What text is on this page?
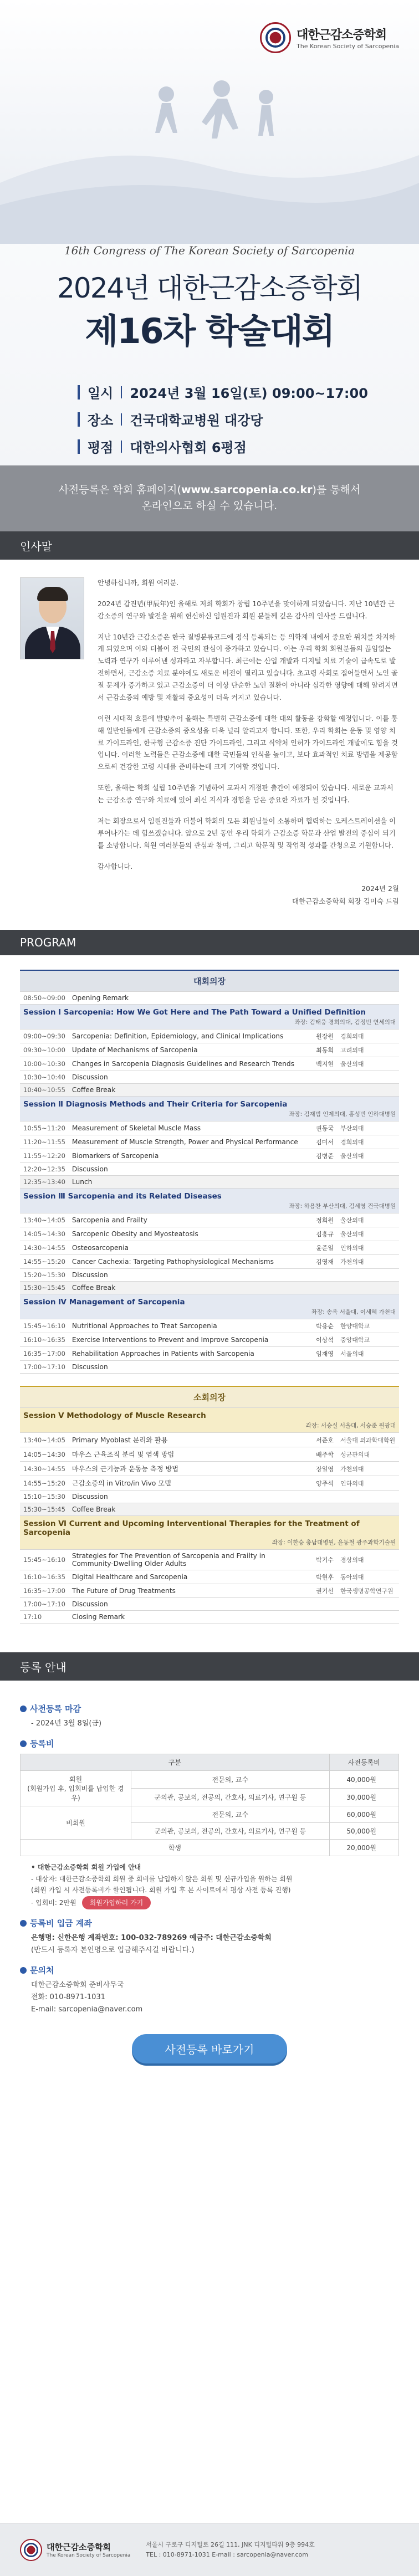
대한근감소증학회
The Korean Society of Sarcopenia
16th Congress of The Korean Society of Sarcopenia
2024년 대한근감소증학회
제16차 학술대회
일시 2024년 3월 16일(토) 09:00~17:00
장소 건국대학교병원 대강당
평점 대한의사협회 6평점
사전등록은 학회 홈페이지(www.sarcopenia.co.kr)를 통해서
온라인으로 하실 수 있습니다.
인사말

안녕하십니까, 회원 여러분.

2024년 갑진년(甲辰年)인 올해로 저희 학회가 창립 10주년을 맞이하게 되었습니다. 지난 10년간 근감소증의 연구와 발전을 위해 헌신하신 임원진과 회원 분들께 깊은 감사의 인사를 드립니다.

지난 10년간 근감소증은 한국 질병분류코드에 정식 등록되는 등 의학계 내에서 중요한 위치를 차지하게 되었으며 이와 더불어 전 국민의 관심이 증가하고 있습니다. 이는 우리 학회 회원분들의 끊임없는 노력과 연구가 이루어낸 성과라고 자부합니다. 최근에는 산업 개발과 디지털 치료 기술이 급속도로 발전하면서, 근감소증 치료 분야에도 새로운 비전이 열리고 있습니다. 초고령 사회로 접어들면서 노인 골절 문제가 증가하고 있고 근감소증이 더 이상 단순한 노인 질환이 아니라 심각한 영향에 대해 알려지면서 근감소증의 예방 및 재활의 중요성이 더욱 커지고 있습니다.

이런 시대적 흐름에 발맞추어 올해는 특별히 근감소증에 대한 대의 활동을 강화할 예정입니다. 이를 통해 일반인들에게 근감소증의 중요성을 더욱 널리 알리고자 합니다. 또한, 우리 학회는 운동 및 영양 치료 가이드라인, 한국형 근감소증 진단 가이드라인, 그리고 식약처 인허가 가이드라인 개발에도 힘을 것입니다. 이러한 노력들은 근감소증에 대한 국민들의 인식을 높이고, 보다 효과적인 치료 방법을 제공함으로써 건강한 고령 시대를 준비하는데 크게 기여할 것입니다.

또한, 올해는 학회 설립 10주년을 기념하여 교과서 개정판 출간이 예정되어 있습니다. 새로운 교과서는 근감소증 연구와 치료에 있어 최신 지식과 경험을 담은 중요한 자료가 될 것입니다.

저는 회장으로서 임원진들과 더불어 학회의 모든 회원님들이 소통하며 협력하는 오케스트레이션을 이루어나가는 데 힘쓰겠습니다. 앞으로 2년 동안 우리 학회가 근감소증 학문과 산업 발전의 중심이 되기를 소망합니다. 회원 여러분들의 관심과 참여, 그리고 학문적 및 작업적 성과를 간청으로 기원합니다.

감사합니다.

2024년 2월
대한근감소증학회 회장 김미숙 드림
PROGRAM
대회의장			
08:50~09:00	Opening Remark		
Session Ⅰ Sarcopenia: How We Got Here and The Path Toward a Unified Definition			
좌장: 김태웅 경희의대, 김정빈 연세의대			
09:00~09:30	Sarcopenia: Definition, Epidemiology, and Clinical Implications	원장원	경희의대
09:30~10:00	Update of Mechanisms of Sarcopenia	최동희	고려의대
10:00~10:30	Changes in Sarcopenia Diagnosis Guidelines and Research Trends	백지현	울산의대
10:30~10:40	Discussion		
10:40~10:55	Coffee Break		
Session Ⅱ Diagnosis Methods and Their Criteria for Sarcopenia			
좌장: 김재범 인제의대, 홍성빈 인하대병원			
10:55~11:20	Measurement of Skeletal Muscle Mass	권동국	부산의대
11:20~11:55	Measurement of Muscle Strength, Power and Physical Performance	김미서	경희의대
11:55~12:20	Biomarkers of Sarcopenia	김병준	울산의대
12:20~12:35	Discussion		
12:35~13:40	Lunch		
Session Ⅲ Sarcopenia and its Related Diseases			
좌장: 하용찬 부산의대, 김세영 건국대병원			
13:40~14:05	Sarcopenia and Frailty	정희원	울산의대
14:05~14:30	Sarcopenic Obesity and Myosteatosis	김홍규	울산의대
14:30~14:55	Osteosarcopenia	윤준일	인하의대
14:55~15:20	Cancer Cachexia: Targeting Pathophysiological Mechanisms	김영재	가천의대
15:20~15:30	Discussion		
15:30~15:45	Coffee Break		
Session Ⅳ Management of Sarcopenia			
좌장: 송욱 서울대, 이세혜 가천대			
15:45~16:10	Nutritional Approaches to Treat Sarcopenia	박용순	한양대학교
16:10~16:35	Exercise Interventions to Prevent and Improve Sarcopenia	이상석	중앙대학교
16:35~17:00	Rehabilitation Approaches in Patients with Sarcopenia	임재영	서울의대
17:00~17:10	Discussion		
소회의장			
Session Ⅴ Methodology of Muscle Research			
좌장: 서승실 서울대, 서승준 원광대			
13:40~14:05	Primary Myoblast 분리와 활용	서준호	서울대 의과학대학원
14:05~14:30	마우스 근육조직 분리 및 염색 방법	배주학	성균관의대
14:30~14:55	마우스의 근기능과 운동능 측정 방법	장일영	가천의대
14:55~15:20	근감소증의 in Vitro/in Vivo 모델	양주석	인하의대
15:10~15:30	Discussion		
15:30~15:45	Coffee Break		
Session Ⅵ Current and Upcoming Interventional Therapies for the Treatment of Sarcopenia			
좌장: 이한승 충남대병원, 윤동철 광주과학기술원			
15:45~16:10	Strategies for The Prevention of Sarcopenia and Frailty in Community-Dwelling Older Adults	박기수	경상의대
16:10~16:35	Digital Healthcare and Sarcopenia	박현후	동아의대
16:35~17:00	The Future of Drug Treatments	권기선	한국생명공학연구원
17:00~17:10	Discussion		
17:10	Closing Remark		
등록 안내
사전등록 마감
- 2024년 3월 8일(금)
등록비
구분		사전등록비
회원
(회원가입 후, 입회비를 납입한 경우)	전문의, 교수	40,000원
	군의관, 공보의, 전공의, 간호사, 의료기사, 연구원 등	30,000원
비회원	전문의, 교수	60,000원
	군의관, 공보의, 전공의, 간호사, 의료기사, 연구원 등	50,000원
학생		20,000원
• 대한근감소증학회 회원 가입에 안내
- 대상자: 대한근감소증학회 회원 중 회비를 납입하지 않은 회원 및 신규가입을 원하는 회원
(회원 가입 시 사전등록비가 할인됩니다. 회원 가입 후 본 사이트에서 평상 사전 등록 진행)
- 입회비: 2만원 회원가입하러 가기
등록비 입금 계좌
은행명: 신한은행 계좌번호: 100-032-789269 예금주: 대한근감소증학회
(반드시 등록자 본인명으로 입금해주시길 바랍니다.)
문의처
대한근감소증학회 준비사무국
전화: 010-8971-1031
E-mail: sarcopenia@naver.com
사전등록 바로가기
대한근감소증학회
The Korean Society of Sarcopenia
서울시 구로구 디지털로 26길 111, JNK 디지털타워 9층 994호
TEL : 010-8971-1031 E-mail : sarcopenia@naver.com
